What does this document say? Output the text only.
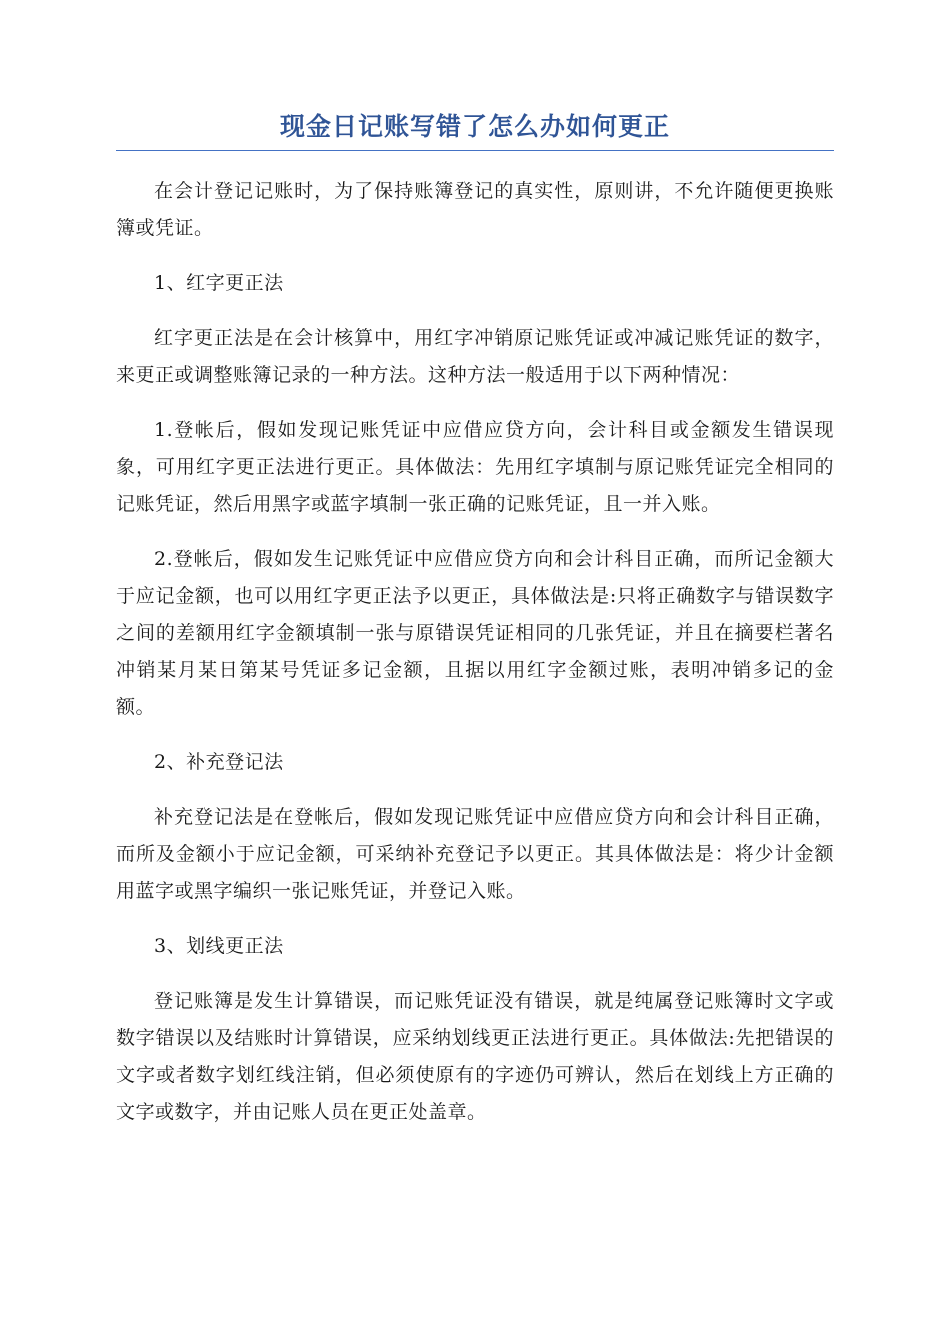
现金日记账写错了怎么办如何更正

在会计登记记账时，为了保持账簿登记的真实性，原则讲，不允许随便更换账簿或凭证。

1、红字更正法

红字更正法是在会计核算中，用红字冲销原记账凭证或冲减记账凭证的数字，来更正或调整账簿记录的一种方法。这种方法一般适用于以下两种情况：

1.登帐后，假如发现记账凭证中应借应贷方向，会计科目或金额发生错误现象，可用红字更正法进行更正。具体做法：先用红字填制与原记账凭证完全相同的记账凭证，然后用黑字或蓝字填制一张正确的记账凭证，且一并入账。

2.登帐后，假如发生记账凭证中应借应贷方向和会计科目正确，而所记金额大于应记金额，也可以用红字更正法予以更正，具体做法是:只将正确数字与错误数字之间的差额用红字金额填制一张与原错误凭证相同的几张凭证，并且在摘要栏著名冲销某月某日第某号凭证多记金额，且据以用红字金额过账，表明冲销多记的金额。

2、补充登记法

补充登记法是在登帐后，假如发现记账凭证中应借应贷方向和会计科目正确，而所及金额小于应记金额，可采纳补充登记予以更正。其具体做法是：将少计金额用蓝字或黑字编织一张记账凭证，并登记入账。

3、划线更正法

登记账簿是发生计算错误，而记账凭证没有错误，就是纯属登记账簿时文字或数字错误以及结账时计算错误，应采纳划线更正法进行更正。具体做法:先把错误的文字或者数字划红线注销，但必须使原有的字迹仍可辨认，然后在划线上方正确的文字或数字，并由记账人员在更正处盖章。
